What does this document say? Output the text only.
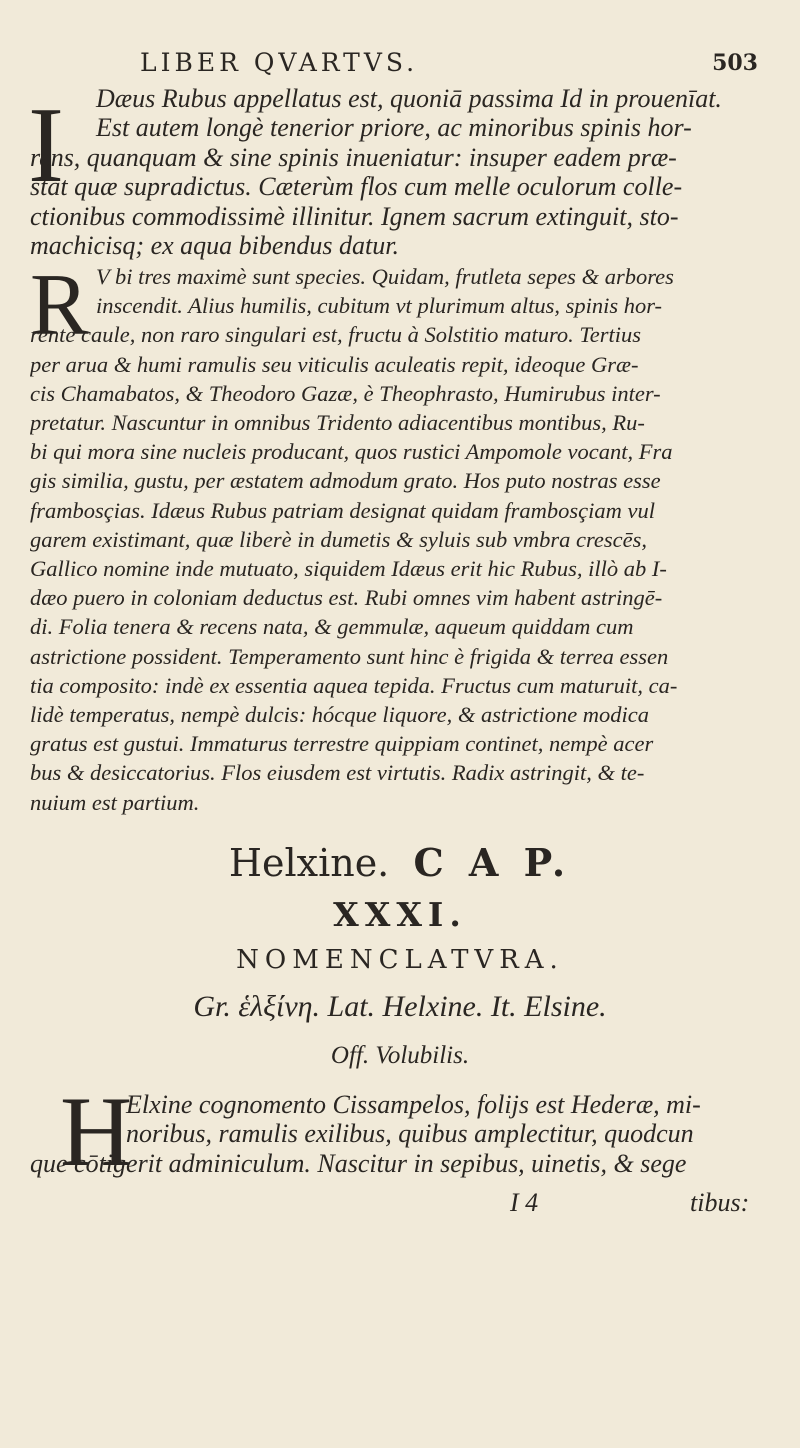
LIBER QVARTVS.	503
I	Dæus Rubus appellatus est, quoniā passima Id in prouenīat.
Est autem longè tenerior priore, ac minoribus spinis hor-
rens, quanquam & sine spinis inueniatur: insuper eadem præ-
stat quæ supradictus. Cæterùm flos cum melle oculorum colle-
ctionibus commodissimè illinitur. Ignem sacrum extinguit, sto-
machicisq; ex aqua bibendus datur.
R V bi tres maximè sunt species. Quidam, frutleta sepes & arbores
inscendit. Alius humilis, cubitum vt plurimum altus, spinis hor-
rente caule, non raro singulari est, fructu à Solstitio maturo. Tertius
per arua & humi ramulis seu viticulis aculeatis repit, ideoque Græ-
cis Chamabatos, & Theodoro Gazæ, è Theophrasto, Humirubus inter-
pretatur. Nascuntur in omnibus Tridento adiacentibus montibus, Ru-
bi qui mora sine nucleis producant, quos rustici Ampomole vocant, Fra
gis similia, gustu, per æstatem admodum grato. Hos puto nostras esse
frambosçias. Idæus Rubus patriam designat quidam frambosçiam vul
garem existimant, quæ liberè in dumetis & syluis sub vmbra crescēs,
Gallico nomine inde mutuato, siquidem Idæus erit hic Rubus, illò ab I-
dæo puero in coloniam deductus est. Rubi omnes vim habent astringē-
di. Folia tenera & recens nata, & gemmulæ, aqueum quiddam cum
astrictione possident. Temperamento sunt hinc è frigida & terrea essen
tia composito: indè ex essentia aquea tepida. Fructus cum maturuit, ca-
lidè temperatus, nempè dulcis: hócque liquore, & astrictione modica
gratus est gustui. Immaturus terrestre quippiam continet, nempè acer
bus & desiccatorius. Flos eiusdem est virtutis. Radix astringit, & te-
nuium est partium.
Helxine. C A P.
XXXI.
NOMENCLATVRA.
Gr. ἑλξίνη. Lat. Helxine. It. Elsine.
Off. Volubilis.
H
Elxine cognomento Cissampelos, folijs est Hederæ, mi-
noribus, ramulis exilibus, quibus amplectitur, quodcun
que cōtigerit adminiculum. Nascitur in sepibus, uinetis, & sege
I 4	tibus:
